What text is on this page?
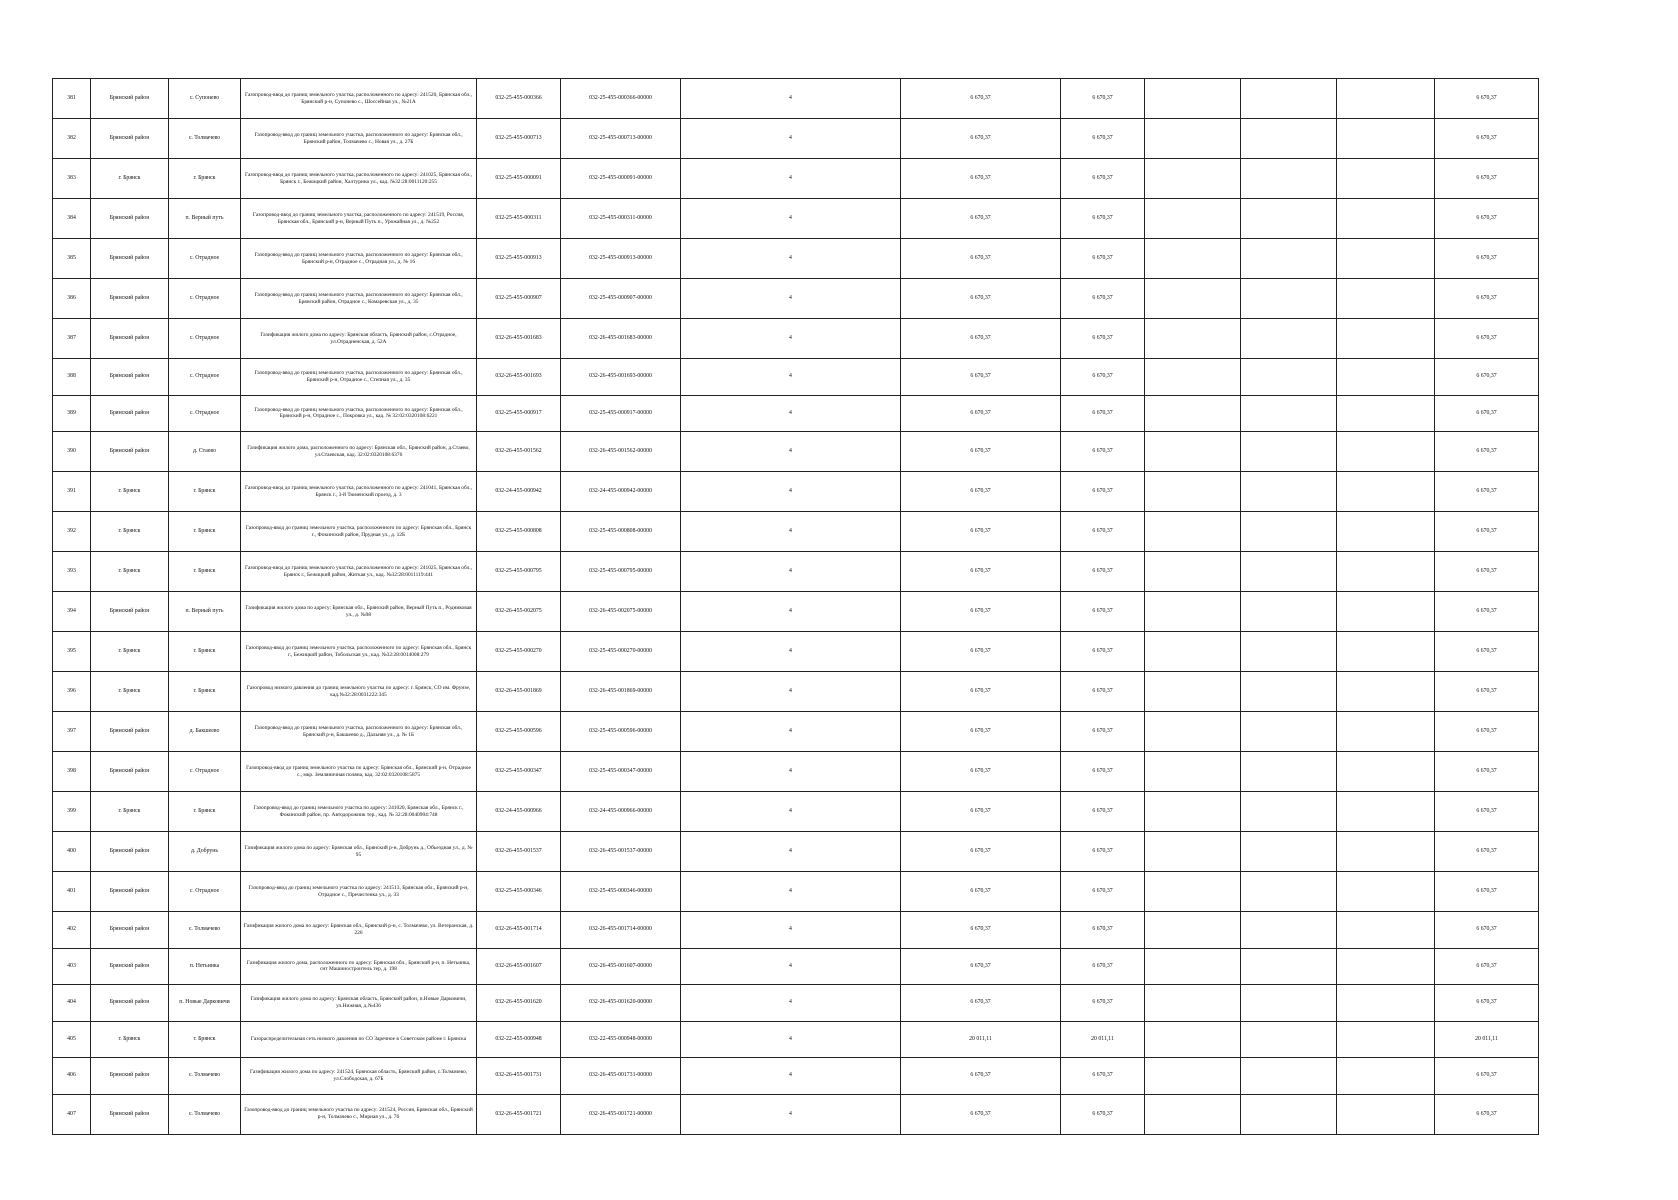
381	Брянский район	с. Супонево	Газопровод-ввод до границ земельного участка, расположенного по адресу: 241520, Брянская обл., Брянский р-н, Супонево с., Шоссейная ул., №21А	032-25-455-000366	032-25-455-000366-00000	4	6 670,37	6 670,37				6 670,37
382	Брянский район	с. Толмачево	Газопровод-ввод до границ земельного участка, расположенного по адресу: Брянская обл., Брянский район, Толмачево с., Новая ул., д. 27Б	032-25-455-000713	032-25-455-000713-00000	4	6 670,37	6 670,37				6 670,37
383	г. Брянск	г. Брянск	Газопровод-ввод до границ земельного участка, расположенного по адресу: 241025, Брянская обл., Брянск г., Бежицкий район, Халтурина ул., кад. №32:28:0011120:255	032-25-455-000091	032-25-455-000091-00000	4	6 670,37	6 670,37				6 670,37
384	Брянский район	п. Верный путь	Газопровод-ввод до границ земельного участка, расположенного по адресу: 241519, Россия, Брянская обл., Брянский р-н, Верный Путь п., Урожайная ул., д. №252	032-25-455-000311	032-25-455-000311-00000	4	6 670,37	6 670,37				6 670,37
385	Брянский район	с. Отрадное	Газопровод-ввод до границ земельного участка, расположенного по адресу: Брянская обл., Брянский р-н, Отрадное с., Отрадная ул., д. № 16	032-25-455-000913	032-25-455-000913-00000	4	6 670,37	6 670,37				6 670,37
386	Брянский район	с. Отрадное	Газопровод-ввод до границ земельного участка, расположенного по адресу: Брянская обл., Брянский район, Отрадное с., Комаревская ул., д. 35	032-25-455-000907	032-25-455-000907-00000	4	6 670,37	6 670,37				6 670,37
387	Брянский район	с. Отрадное	Газификация жилого дома по адресу: Брянская область, Брянский район, с.Отрадное, ул.Отрадненская, д. 52А	032-26-455-001683	032-26-455-001683-00000	4	6 670,37	6 670,37				6 670,37
388	Брянский район	с. Отрадное	Газопровод-ввод до границ земельного участка, расположенного по адресу: Брянская обл., Брянский р-н, Отрадное с., Степная ул., д. 35	032-26-455-001693	032-26-455-001693-00000	4	6 670,37	6 670,37				6 670,37
389	Брянский район	с. Отрадное	Газопровод-ввод до границ земельного участка, расположенного по адресу: Брянская обл., Брянский р-н, Отрадное с., Покровка ул., кад. № 32:02:0320108:6221	032-25-455-000917	032-25-455-000917-00000	4	6 670,37	6 670,37				6 670,37
390	Брянский район	д. Стаево	Газификация жилого дома, расположенного по адресу: Брянская обл., Брянский район, д.Стаево, ул.Стаевская, кад. 32:02:0320108:6376	032-26-455-001562	032-26-455-001562-00000	4	6 670,37	6 670,37				6 670,37
391	г. Брянск	г. Брянск	Газопровод-ввод до границ земельного участка, расположенного по адресу: 241041, Брянская обл., Брянск г., 3-й Тюменский проезд, д. 3	032-24-455-000942	032-24-455-000942-00000	4	6 670,37	6 670,37				6 670,37
392	г. Брянск	г. Брянск	Газопровод-ввод до границ земельного участка, расположенного по адресу: Брянская обл., Брянск г., Фокинский район, Прудная ул., д. 12Б	032-25-455-000808	032-25-455-000808-00000	4	6 670,37	6 670,37				6 670,37
393	г. Брянск	г. Брянск	Газопровод-ввод до границ земельного участка, расположенного по адресу: 241025, Брянская обл., Брянск г., Бежицкий район, Житкая ул., кад. №32:28:0011119:441	032-25-455-000795	032-25-455-000795-00000	4	6 670,37	6 670,37				6 670,37
394	Брянский район	п. Верный путь	Газификация жилого дома по адресу: Брянская обл., Брянский район, Верный Путь п., Родниковая ул., д. №98	032-26-455-002075	032-26-455-002075-00000	4	6 670,37	6 670,37				6 670,37
395	г. Брянск	г. Брянск	Газопровод-ввод до границ земельного участка, расположенного по адресу: Брянская обл., Брянск г., Бежицкий район, Тобольская ул., кад. №32:28:0014008:279	032-25-455-000270	032-25-455-000270-00000	4	6 670,37	6 670,37				6 670,37
396	г. Брянск	г. Брянск	Газопровод низкого давления до границ земельного участка по адресу: г. Брянск, СО им. Фрунзе, кад.№32:28:0031222:345	032-26-455-001869	032-26-455-001869-00000	4	6 670,37	6 670,37				6 670,37
397	Брянский район	д. Бакшеево	Газопровод-ввод до границ земельного участка, расположенного по адресу: Брянская обл., Брянский р-н, Бакшеево д., Дальняя ул., д. № 1Б	032-25-455-000596	032-25-455-000596-00000	4	6 670,37	6 670,37				6 670,37
398	Брянский район	с. Отрадное	Газопровод-ввод до границ земельного участка по адресу: Брянская обл., Брянский р-н, Отрадное с., мкр. Земляничная поляна, кад. 32:02:0320108:5875	032-25-455-000347	032-25-455-000347-00000	4	6 670,37	6 670,37				6 670,37
399	г. Брянск	г. Брянск	Газопровод-ввод до границ земельного участка по адресу: 241020, Брянская обл., Брянск г., Фокинский район, пр. Автодорожник тер., кад. № 32:28:0040904:748	032-24-455-000966	032-24-455-000966-00000	4	6 670,37	6 670,37				6 670,37
400	Брянский район	д. Добрунь	Газификация жилого дома по адресу: Брянская обл., Брянский р-н, Добрунь д., Объездная ул., д. № 95	032-26-455-001537	032-26-455-001537-00000	4	6 670,37	6 670,37				6 670,37
401	Брянский район	с. Отрадное	Газопровод-ввод до границ земельного участка по адресу: 241513, Брянская обл., Брянский р-н, Отрадное с., Пречистенка ул., д. 33	032-25-455-000346	032-25-455-000346-00000	4	6 670,37	6 670,37				6 670,37
402	Брянский район	с. Толмачево	Газификация жилого дома по адресу: Брянская обл., Брянский р-н, с. Толмачево, ул. Ветеранская, д. 226	032-26-455-001714	032-26-455-001714-00000	4	6 670,37	6 670,37				6 670,37
403	Брянский район	п. Нетьинка	Газификация жилого дома, расположенного по адресу: Брянская обл., Брянский р-н, п. Нетьинка, снт Машиностроитель тер, д. 198	032-26-455-001607	032-26-455-001607-00000	4	6 670,37	6 670,37				6 670,37
404	Брянский район	п. Новые Дарковичи	Газификация жилого дома по адресу: Брянская область, Брянский район, п.Новые Дарковичи, ул.Нижняя, д.№436	032-26-455-001620	032-26-455-001620-00000	4	6 670,37	6 670,37				6 670,37
405	г. Брянск	г. Брянск	Газораспределительная сеть низкого давления по СО Заречное в Советском районе г. Брянска	032-22-455-000948	032-22-455-000948-00000	4	20 011,11	20 011,11				20 011,11
406	Брянский район	с. Толмачево	Газификация жилого дома по адресу: 241524, Брянская область, Брянский район, с.Толмачево, ул.Слободская, д. 67Б	032-26-455-001731	032-26-455-001731-00000	4	6 670,37	6 670,37				6 670,37
407	Брянский район	с. Толмачево	Газопровод-ввод до границ земельного участка по адресу: 241524, Россия, Брянская обл., Брянский р-н, Толмачево с., Мирная ул., д. 76	032-26-455-001721	032-26-455-001721-00000	4	6 670,37	6 670,37				6 670,37
